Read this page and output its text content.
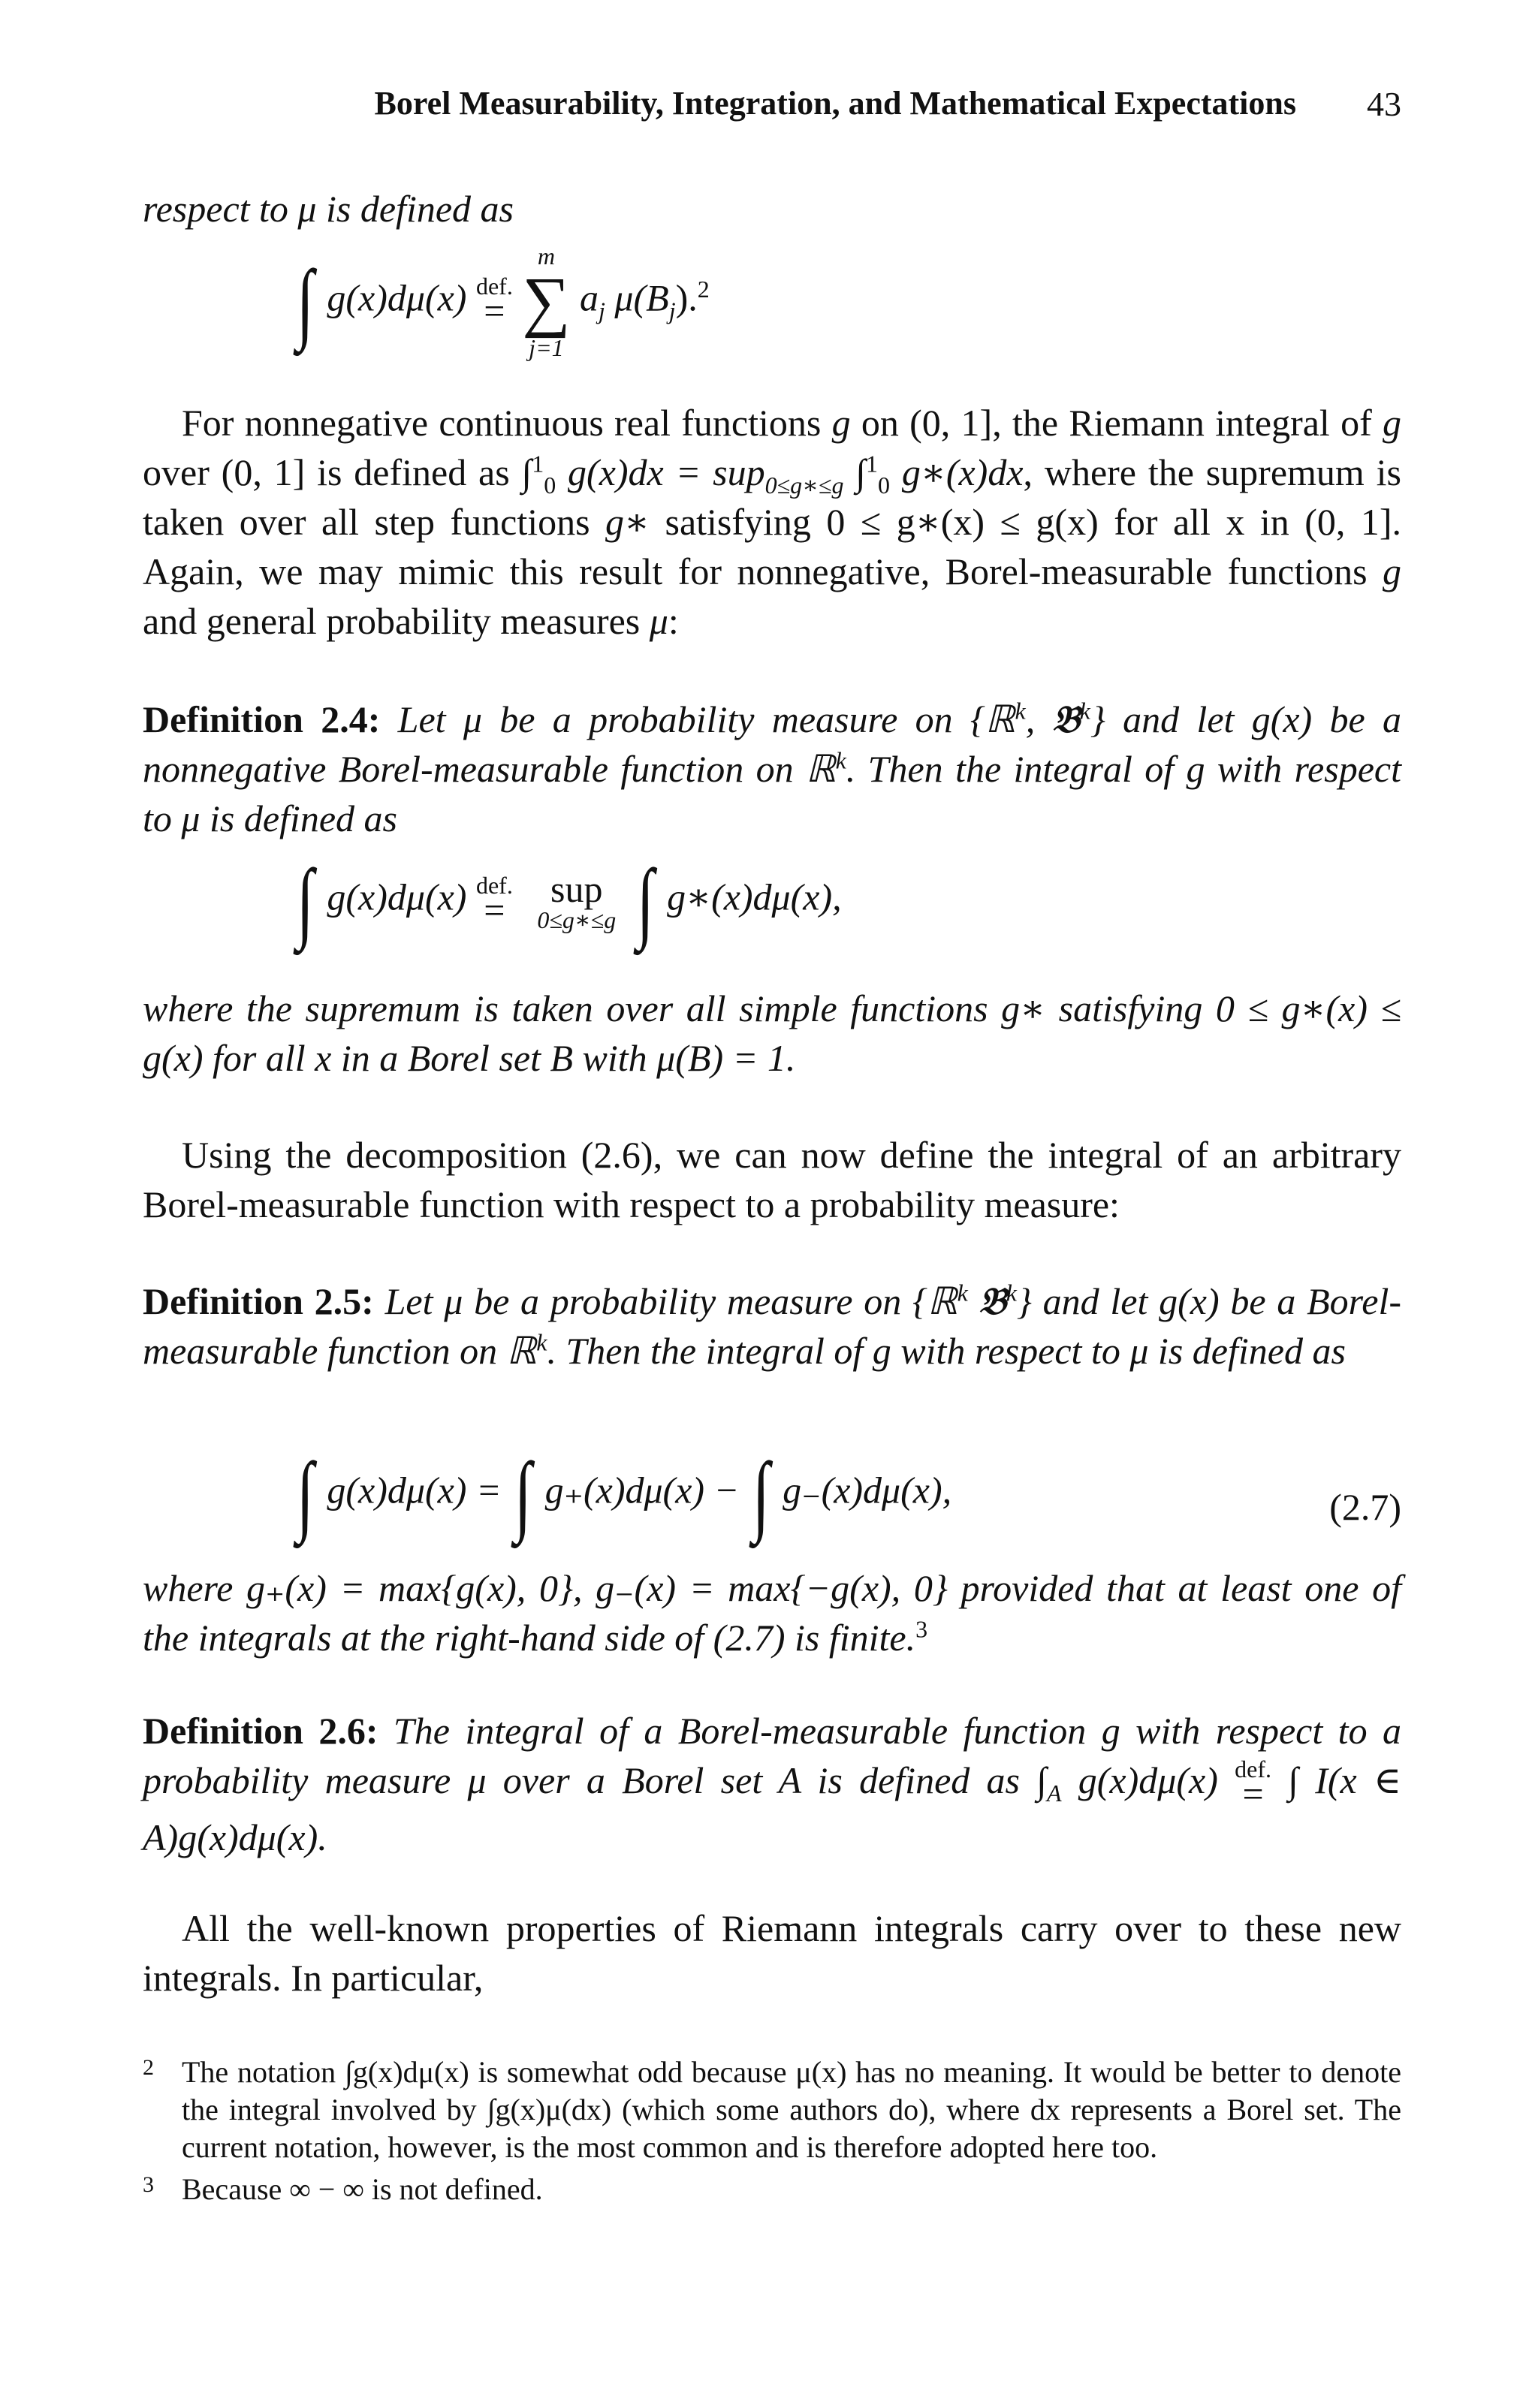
Borel Measurability, Integration, and Mathematical Expectations 43
respect to μ is defined as
∫ g(x)dμ(x) def.
=

m
∑
j=1
$a_j$ $\mu(B_j).^2$
For nonnegative continuous real functions g on (0, 1], the Riemann integral of g over (0, 1] is defined as ∫$^1_0$ g(x)dx = sup$_{0\le g∗\le g}$ ∫$^1_0$ g∗(x)dx, where the supremum is taken over all step functions g∗ satisfying 0 ≤ g∗(x) ≤ g(x) for all x in (0, 1]. Again, we may mimic this result for nonnegative, Borel-measurable functions g and general probability measures μ:
Definition 2.4: Let μ be a probability measure on {ℝ$^k$, 𝔅$^k$} and let g(x) be a nonnegative Borel-measurable function on ℝ$^k$. Then the integral of g with respect to μ is defined as
∫ g(x)dμ(x) def.
=
	sup
0≤g∗≤g ∫ g∗(x)dμ(x),
where the supremum is taken over all simple functions g∗ satisfying 0 ≤ g∗(x) ≤ g(x) for all x in a Borel set B with μ(B) = 1.
Using the decomposition (2.6), we can now define the integral of an arbitrary Borel-measurable function with respect to a probability measure:
Definition 2.5: Let μ be a probability measure on {ℝ$^k$ 𝔅$^k$} and let g(x) be a Borel-measurable function on ℝ$^k$. Then the integral of g with respect to μ is defined as
∫ g(x)dμ(x) = ∫ g₊(x)dμ(x) − ∫ g₋(x)dμ(x),	(2.7)
where g₊(x) = max{g(x), 0}, g₋(x) = max{−g(x), 0} provided that at least one of the integrals at the right-hand side of (2.7) is finite.$^3$
Definition 2.6: The integral of a Borel-measurable function g with respect to a probability measure μ over a Borel set A is defined as $\int_A$ g(x)dμ(x) def.
= ∫ I(x ∈ A)g(x)dμ(x).
All the well-known properties of Riemann integrals carry over to these new integrals. In particular,
2 The notation ∫g(x)dμ(x) is somewhat odd because μ(x) has no meaning. It would be better to denote the integral involved by ∫g(x)μ(dx) (which some authors do), where dx represents a Borel set. The current notation, however, is the most common and is therefore adopted here too.
3 Because ∞ − ∞ is not defined.
